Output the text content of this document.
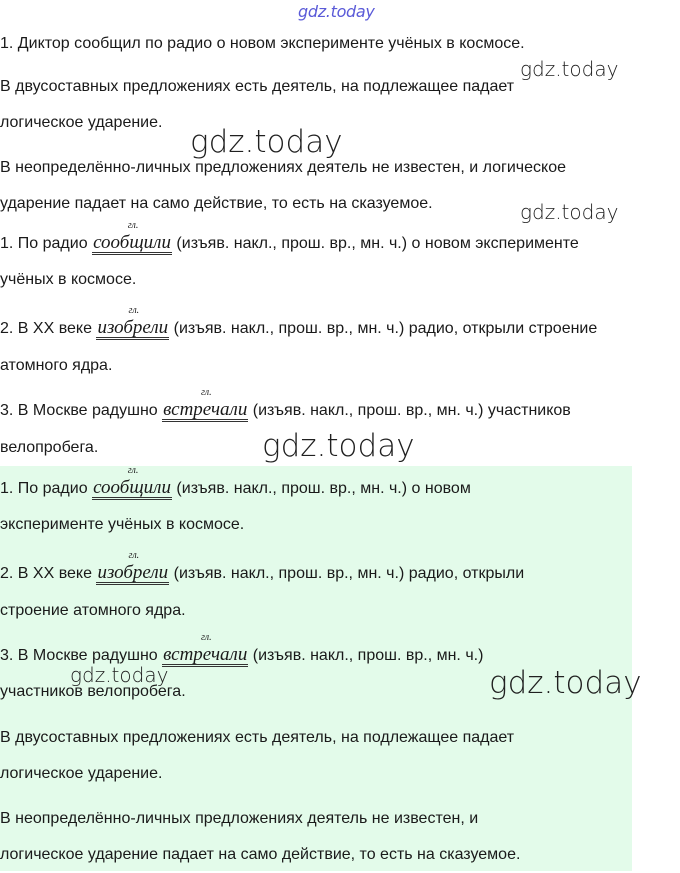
gdz.today
gdz.today
gdz.today
gdz.today
gdz.today
gdz.today	gdz.today

1. Диктор сообщил по радио о новом эксперименте учёных в космосе.

В двусоставных предложениях есть деятель, на подлежащее падает

логическое ударение.

В неопределённо-личных предложениях деятель не известен, и логическое

ударение падает на само действие, то есть на сказуемое.

1. По радио
гл.
сообщили (изъяв. накл., прош. вр., мн. ч.) о новом эксперименте

учёных в космосе.

2. В XX веке
гл.
изобрели (изъяв. накл., прош. вр., мн. ч.) радио, открыли строение

атомного ядра.

3. В Москве радушно
гл.
встречали (изъяв. накл., прош. вр., мн. ч.) участников

велопробега.

1. По радио
гл.
сообщили (изъяв. накл., прош. вр., мн. ч.) о новом

эксперименте учёных в космосе.

2. В XX веке
гл.
изобрели (изъяв. накл., прош. вр., мн. ч.) радио, открыли

строение атомного ядра.

3. В Москве радушно
гл.
встречали (изъяв. накл., прош. вр., мн. ч.)

участников велопробега.

В двусоставных предложениях есть деятель, на подлежащее падает

логическое ударение.

В неопределённо-личных предложениях деятель не известен, и

логическое ударение падает на само действие, то есть на сказуемое.
